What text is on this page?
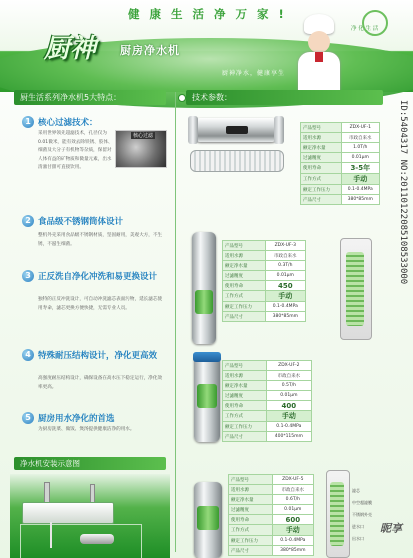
健 康 生 活 净 万 家 !
厨神 厨房净水机
厨神净水，健康享生
净 化 生 活
ID:5404317 NO:20110122085108533000
厨生活系列净水机5大特点：
1 核心过滤技术：
采用世界领先超滤技术，孔径仅为0.01微米，能有效去除铁锈、胶体、细菌及大分子有机物等杂质，保留对人体有益的矿物质和微量元素，出水清澈甘甜可直接饮用。
核心过滤
2 食品级不锈钢筒体设计
整机外壳采用食品级不锈钢材质，坚固耐用，美观大方，不生锈，不滋生细菌。
3 正反洗自净化冲洗和易更换设计
独特的正反冲洗设计，可自动冲洗滤芯表面污物，延长滤芯使用寿命，滤芯更换方便快捷，无需专业人员。
4 特殊耐压结构设计，净化更高效
高强度耐压结构设计，确保设备在高水压下稳定运行，净化效率更高。
5 厨房用水净化的首选
为厨房洗菜、做饭、煲汤提供健康洁净的用水。
净水机安装示意图
技术参数：
产品型号	ZDX-UF-1
适用水源	市政自来水
额定净水量	1.0T/h
过滤精度	0.01μm
使用寿命	3-5年
工作方式	手动
额定工作压力	0.1-0.4MPa
产品尺寸	380*85mm
产品型号	ZDX-UF-3
适用水源	市政自来水
额定净水量	0.3T/h
过滤精度	0.01μm
使用寿命	450
工作方式	手动
额定工作压力	0.1-0.4MPa
产品尺寸	380*85mm
产品型号	ZDX-UF-2
适用水源	市政自来水
额定净水量	0.5T/h
过滤精度	0.01μm
使用寿命	400
工作方式	手动
额定工作压力	0.1-0.4MPa
产品尺寸	400*115mm
产品型号	ZDX-UF-5
适用水源	市政自来水
额定净水量	0.6T/h
过滤精度	0.01μm
使用寿命	600
工作方式	手动
额定工作压力	0.1-0.4MPa
产品尺寸	380*85mm
滤芯
中空超滤膜
不锈钢外壳
进水口
出水口
昵享
